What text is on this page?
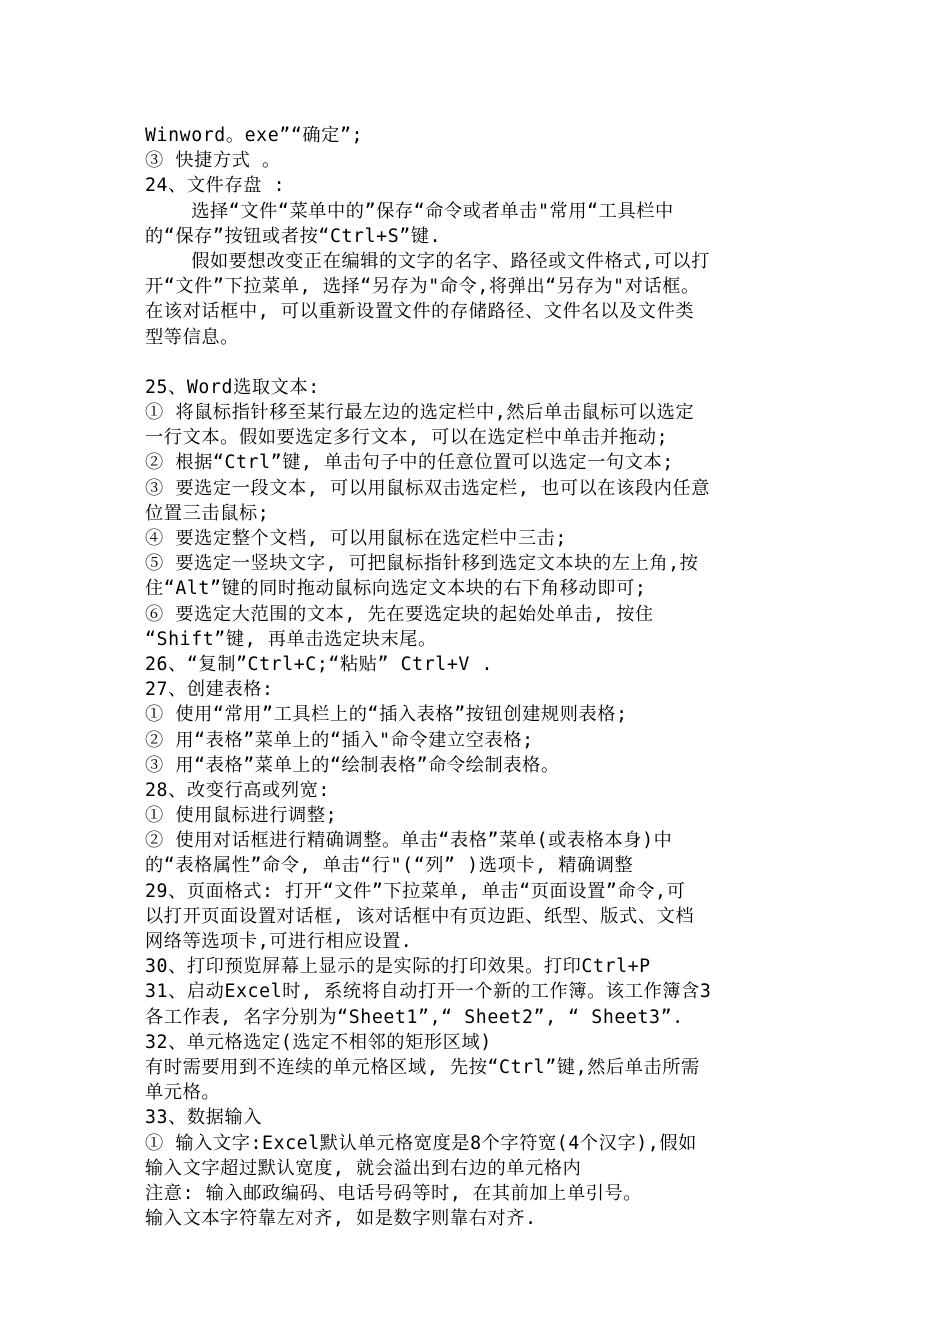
Winword。exe”“确定”;
③ 快捷方式 。
24、文件存盘 :
选择“文件“菜单中的”保存“命令或者单击"常用“工具栏中
的“保存”按钮或者按“Ctrl+S”键.
假如要想改变正在编辑的文字的名字、路径或文件格式,可以打
开“文件”下拉菜单, 选择“另存为"命令,将弹出“另存为"对话框。
在该对话框中, 可以重新设置文件的存储路径、文件名以及文件类
型等信息。
25、Word选取文本:
① 将鼠标指针移至某行最左边的选定栏中,然后单击鼠标可以选定
一行文本。假如要选定多行文本, 可以在选定栏中单击并拖动;
② 根据“Ctrl”键, 单击句子中的任意位置可以选定一句文本;
③ 要选定一段文本, 可以用鼠标双击选定栏, 也可以在该段内任意
位置三击鼠标;
④ 要选定整个文档, 可以用鼠标在选定栏中三击;
⑤ 要选定一竖块文字, 可把鼠标指针移到选定文本块的左上角,按
住“Alt”键的同时拖动鼠标向选定文本块的右下角移动即可;
⑥ 要选定大范围的文本, 先在要选定块的起始处单击, 按住
“Shift”键, 再单击选定块末尾。
26、“复制”Ctrl+C;“粘贴” Ctrl+V .
27、创建表格:
① 使用“常用”工具栏上的“插入表格”按钮创建规则表格;
② 用“表格”菜单上的“插入"命令建立空表格;
③ 用“表格”菜单上的“绘制表格”命令绘制表格。
28、改变行高或列宽:
① 使用鼠标进行调整;
② 使用对话框进行精确调整。单击“表格”菜单(或表格本身)中
的“表格属性”命令, 单击“行"(“列” )选项卡, 精确调整
29、页面格式: 打开“文件”下拉菜单, 单击“页面设置”命令,可
以打开页面设置对话框, 该对话框中有页边距、纸型、版式、文档
网络等选项卡,可进行相应设置.
30、打印预览屏幕上显示的是实际的打印效果。打印Ctrl+P
31、启动Excel时, 系统将自动打开一个新的工作簿。该工作簿含3
各工作表, 名字分别为“Sheet1”,“ Sheet2”, “ Sheet3”.
32、单元格选定(选定不相邻的矩形区域)
有时需要用到不连续的单元格区域, 先按“Ctrl”键,然后单击所需
单元格。
33、数据输入
① 输入文字:Excel默认单元格宽度是8个字符宽(4个汉字),假如
输入文字超过默认宽度, 就会溢出到右边的单元格内
注意: 输入邮政编码、电话号码等时, 在其前加上单引号。
输入文本字符靠左对齐, 如是数字则靠右对齐.
